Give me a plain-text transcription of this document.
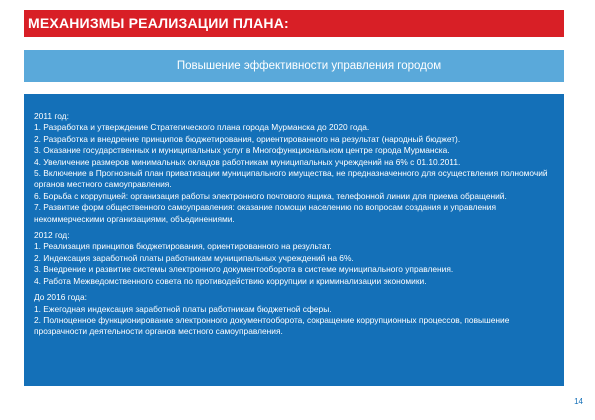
МЕХАНИЗМЫ РЕАЛИЗАЦИИ ПЛАНА:
Повышение эффективности управления городом
2011 год:
1. Разработка и утверждение Стратегического плана города Мурманска до 2020 года.
2. Разработка и внедрение принципов бюджетирования, ориентированного на результат (народный бюджет).
3. Оказание государственных и муниципальных услуг в Многофункциональном центре города Мурманска.
4. Увеличение размеров минимальных окладов работникам муниципальных учреждений на 6% с 01.10.2011.
5. Включение в Прогнозный план приватизации муниципального имущества, не предназначенного для осуществления полномочий органов местного самоуправления.
6. Борьба с коррупцией: организация работы электронного почтового ящика, телефонной линии для приема обращений.
7. Развитие форм общественного самоуправления: оказание помощи населению по вопросам создания и управления некоммерческими организациями, объединениями.
2012 год:
1. Реализация принципов бюджетирования, ориентированного на результат.
2. Индексация заработной платы работникам муниципальных учреждений на 6%.
3. Внедрение и развитие системы электронного документооборота в системе муниципального управления.
4. Работа Межведомственного совета по противодействию коррупции и криминализации экономики.
До 2016 года:
1. Ежегодная индексация заработной платы работникам бюджетной сферы.
2. Полноценное функционирование электронного документооборота, сокращение коррупционных процессов, повышение прозрачности деятельности органов местного самоуправления.
14
